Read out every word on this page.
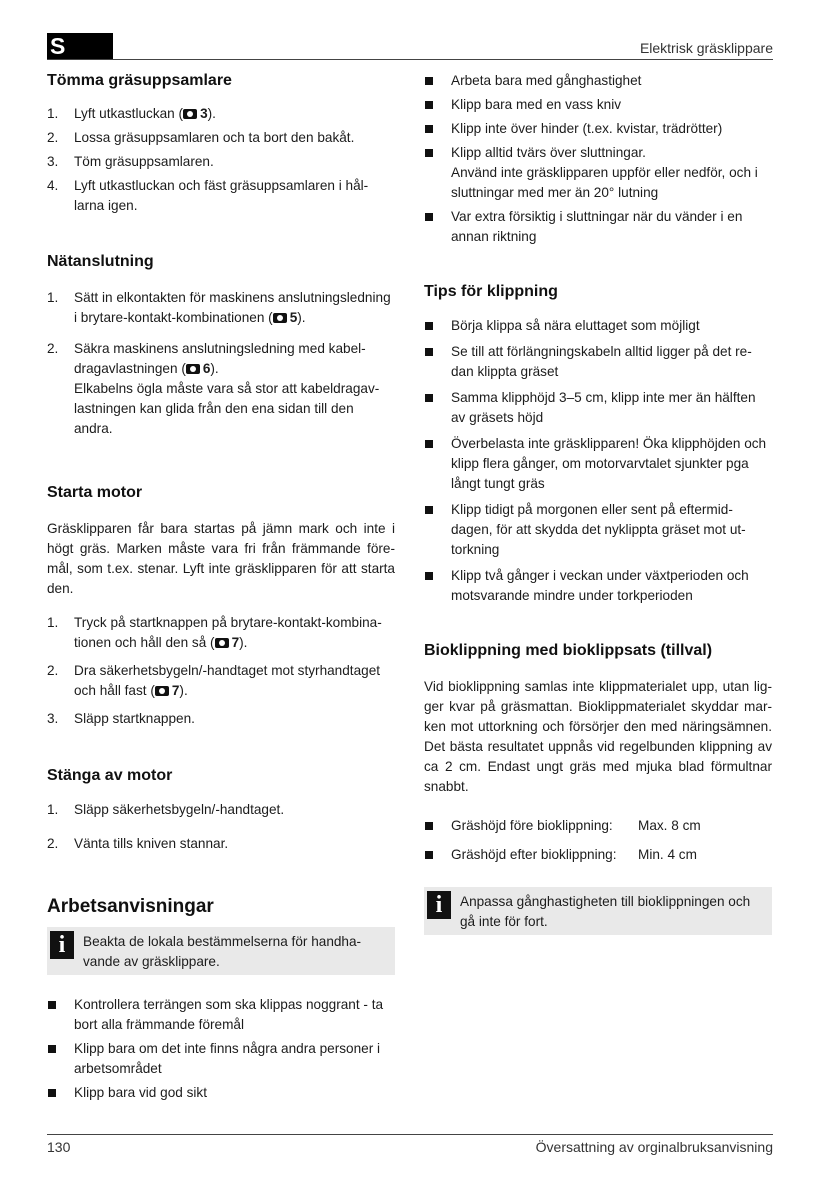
S	Elektrisk gräsklippare
130	Översattning av orginalbruksanvisning
Tömma gräsuppsamlare
1. Lyft utkastluckan ( 3).
2. Lossa gräsuppsamlaren och ta bort den bakåt.
3. Töm gräsuppsamlaren.
4. Lyft utkastluckan och fäst gräsuppsamlaren i hål-larna igen.
Nätanslutning
1. Sätt in elkontakten för maskinens anslutningsledning i brytare-kontakt-kombinationen ( 5).
2. Säkra maskinens anslutningsledning med kabel-dragavlastningen ( 6).
Elkabelns ögla måste vara så stor att kabeldragav-lastningen kan glida från den ena sidan till den andra.
Starta motor

Gräsklipparen får bara startas på jämn mark och inte i högt gräs. Marken måste vara fri från främmande före-mål, som t.ex. stenar. Lyft inte gräsklipparen för att starta den.

1. Tryck på startknappen på brytare-kontakt-kombina-tionen och håll den så ( 7).
2. Dra säkerhetsbygeln/-handtaget mot styrhandtaget och håll fast ( 7).
3. Släpp startknappen.
Stänga av motor
1. Släpp säkerhetsbygeln/-handtaget.
2. Vänta tills kniven stannar.
Arbetsanvisningar
i	Beakta de lokala bestämmelserna för handha-vande av gräsklippare.
Kontrollera terrängen som ska klippas noggrant - ta bort alla främmande föremål
Klipp bara om det inte finns några andra personer i arbetsområdet
Klipp bara vid god sikt
Arbeta bara med gånghastighet
Klipp bara med en vass kniv
Klipp inte över hinder (t.ex. kvistar, trädrötter)
Klipp alltid tvärs över sluttningar.
Använd inte gräsklipparen uppför eller nedför, och i sluttningar med mer än 20° lutning
Var extra försiktig i sluttningar när du vänder i en annan riktning
Tips för klippning
Börja klippa så nära eluttaget som möjligt
Se till att förlängningskabeln alltid ligger på det re-dan klippta gräset
Samma klipphöjd 3–5 cm, klipp inte mer än hälften av gräsets höjd
Överbelasta inte gräsklipparen! Öka klipphöjden och klipp flera gånger, om motorvarvtalet sjunkter pga långt tungt gräs
Klipp tidigt på morgonen eller sent på eftermid-dagen, för att skydda det nyklippta gräset mot ut-torkning
Klipp två gånger i veckan under växtperioden och motsvarande mindre under torkperioden
Bioklippning med bioklippsats (tillval)

Vid bioklippning samlas inte klippmaterialet upp, utan lig-ger kvar på gräsmattan. Bioklippmaterialet skyddar mar-ken mot uttorkning och försörjer den med näringsämnen. Det bästa resultatet uppnås vid regelbunden klippning av ca 2 cm. Endast ungt gräs med mjuka blad förmultnar snabbt.

Gräshöjd före bioklippning:	Max. 8 cm
Gräshöjd efter bioklippning:	Min. 4 cm
i	Anpassa gånghastigheten till bioklippningen och gå inte för fort.
